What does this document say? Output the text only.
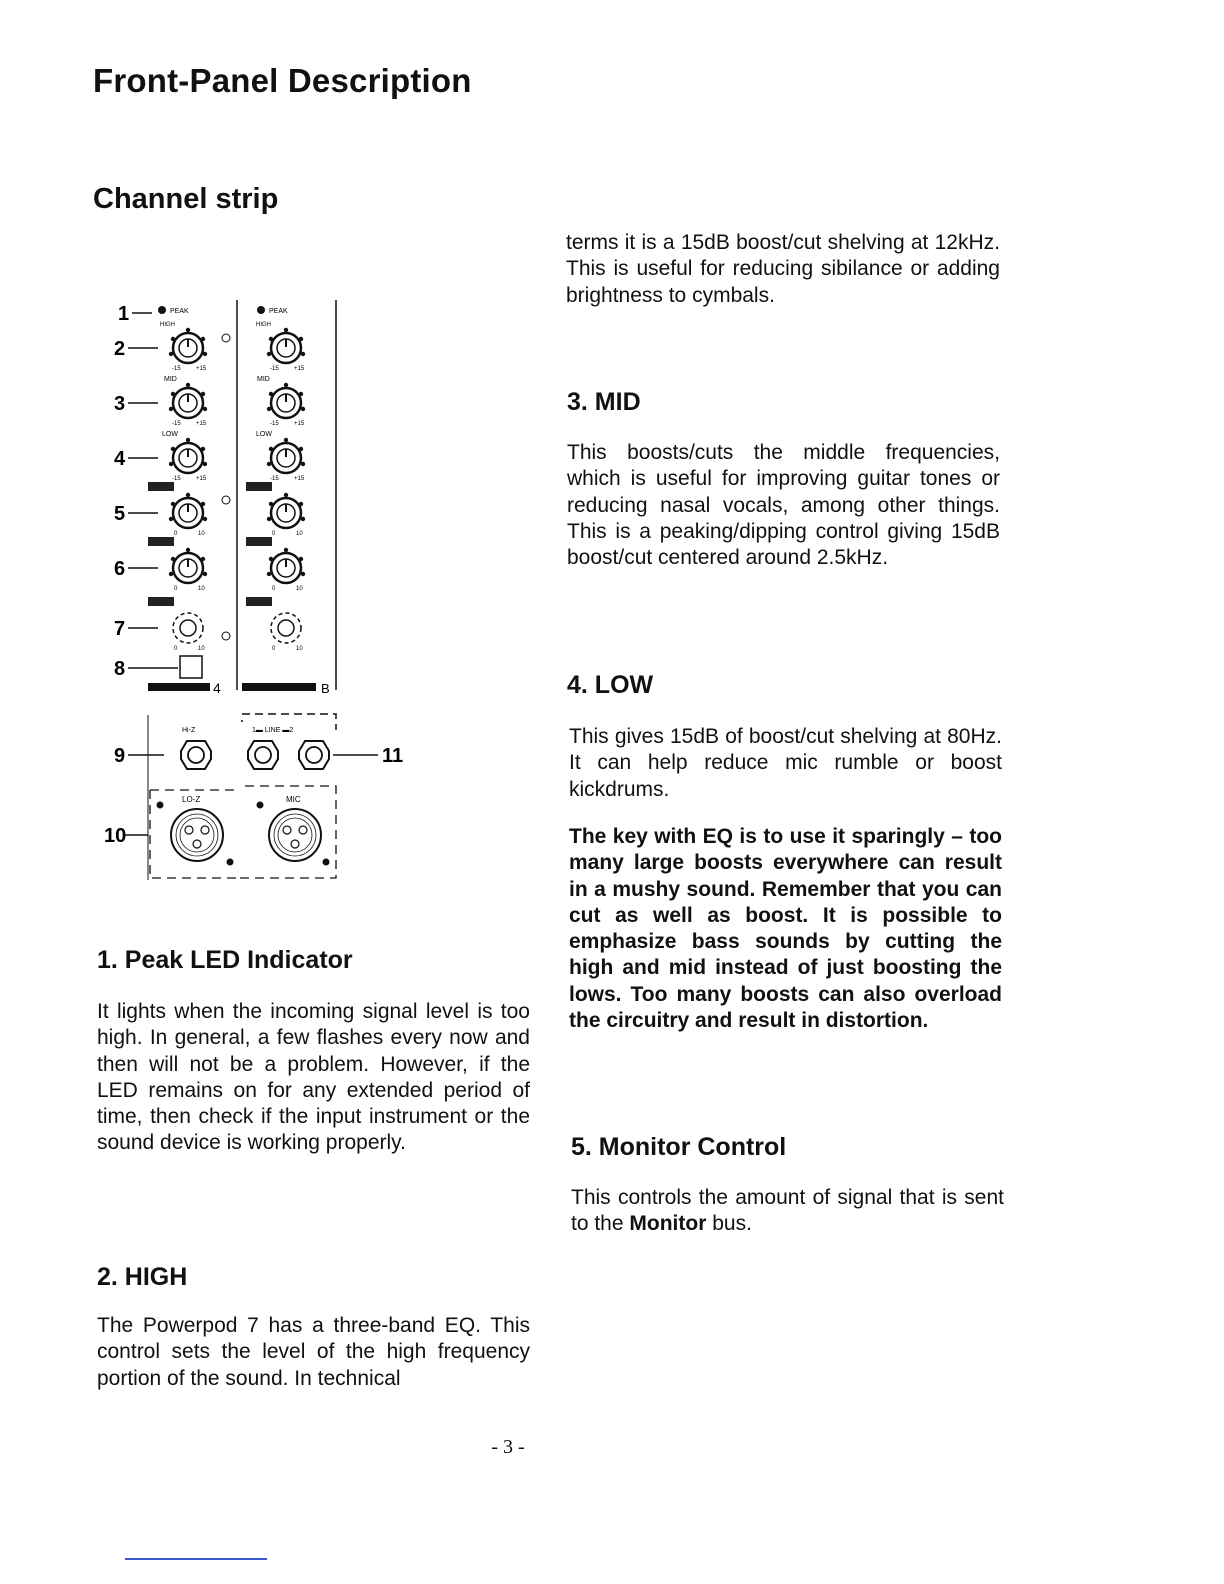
Front-Panel Description
Channel strip
1
2
3
4
5
6
7
8
9
10
11
PEAK	PEAK
HIGH	HIGH
MID	MID
LOW	LOW
-15	+15	-15	+15
-15	+15	-15	+15
-15	+15	-15	+15
0	10	0	10
0	10	0	10
0	10	0	10
4	B
Hi-Z	1▬ LINE ▬2
LO-Z	MIC
1. Peak LED Indicator

It lights when the incoming signal level is too high. In general, a few flashes every now and then will not be a problem. However, if the LED remains on for any extended period of time, then check if the input instrument or the sound device is working properly.

2. HIGH

The Powerpod 7 has a three-band EQ. This control sets the level of the high frequency portion of the sound. In technical

terms it is a 15dB boost/cut shelving at 12kHz. This is useful for reducing sibilance or adding brightness to cymbals.

3. MID

This boosts/cuts the middle frequencies, which is useful for improving guitar tones or reducing nasal vocals, among other things. This is a peaking/dipping control giving 15dB boost/cut centered around 2.5kHz.

4. LOW

This gives 15dB of boost/cut shelving at 80Hz. It can help reduce mic rumble or boost kickdrums.

The key with EQ is to use it sparingly – too many large boosts everywhere can result in a mushy sound. Remember that you can cut as well as boost. It is possible to emphasize bass sounds by cutting the high and mid instead of just boosting the lows. Too many boosts can also overload the circuitry and result in distortion.

5. Monitor Control

This controls the amount of signal that is sent to the Monitor bus.

- 3 -
